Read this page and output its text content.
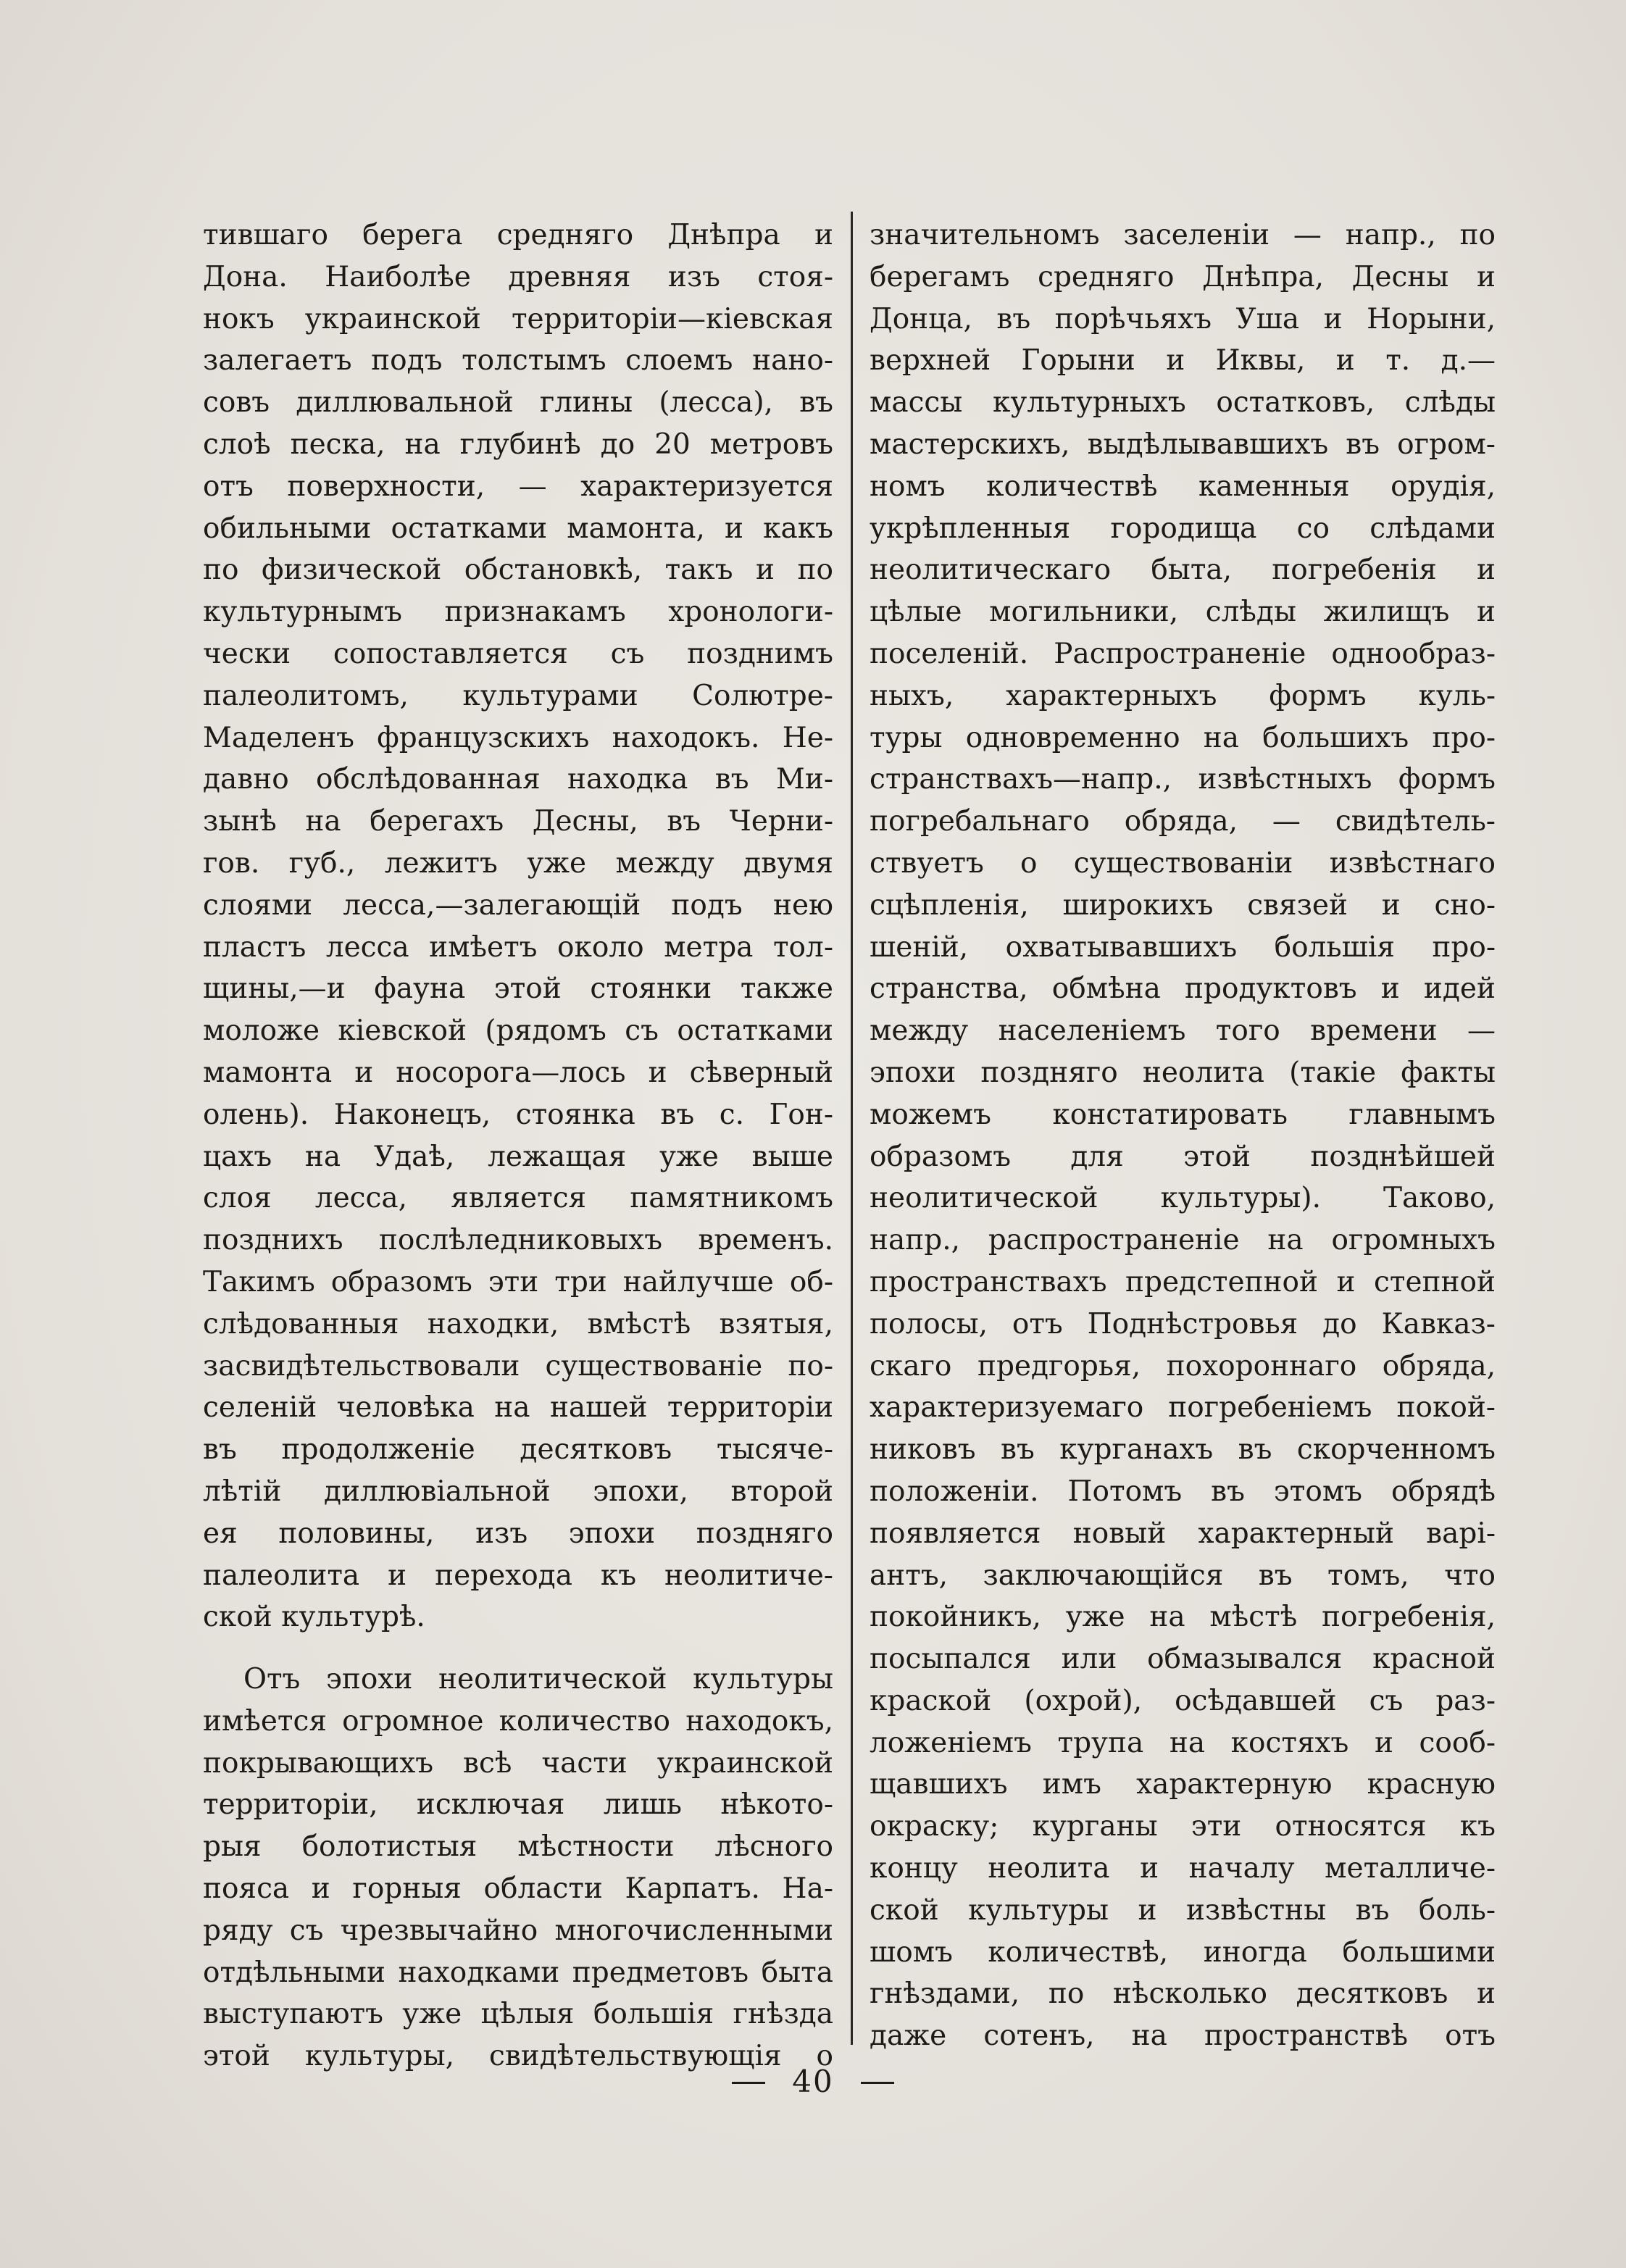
тившаго берега средняго Днѣпра и

Дона. Наиболѣе древняя изъ стоя-

нокъ украинской территорiи—кiевская

залегаетъ подъ толстымъ слоемъ нано-

совъ диллювальной глины (лесса), въ

слоѣ песка, на глубинѣ до 20 метровъ

отъ поверхности, — характеризуется

обильными остатками мамонта, и какъ

по физической обстановкѣ, такъ и по

культурнымъ признакамъ хронологи-

чески сопоставляется съ позднимъ

палеолитомъ, культурами Солютре-

Маделенъ французскихъ находокъ. Не-

давно обслѣдованная находка въ Ми-

зынѣ на берегахъ Десны, въ Черни-

гов. губ., лежитъ уже между двумя

слоями лесса,—залегающiй подъ нею

пластъ лесса имѣетъ около метра тол-

щины,—и фауна этой стоянки также

моложе кiевской (рядомъ съ остатками

мамонта и носорога—лось и сѣверный

олень). Наконецъ, стоянка въ с. Гон-

цахъ на Удаѣ, лежащая уже выше

слоя лесса, является памятникомъ

позднихъ послѣледниковыхъ временъ.

Такимъ образомъ эти три найлучше об-

слѣдованныя находки, вмѣстѣ взятыя,

засвидѣтельствовали существованiе по-

селенiй человѣка на нашей территорiи

въ продолженiе десятковъ тысяче-

лѣтiй диллювiальной эпохи, второй

ея половины, изъ эпохи поздняго

палеолита и перехода къ неолитиче-

ской культурѣ.

Отъ эпохи неолитической культуры

имѣется огромное количество находокъ,

покрывающихъ всѣ части украинской

территорiи, исключая лишь нѣкото-

рыя болотистыя мѣстности лѣсного

пояса и горныя области Карпатъ. На-

ряду съ чрезвычайно многочисленными

отдѣльными находками предметовъ быта

выступаютъ уже цѣлыя большiя гнѣзда

этой культуры, свидѣтельствующiя о

значительномъ заселенiи — напр., по

берегамъ средняго Днѣпра, Десны и

Донца, въ порѣчьяхъ Уша и Норыни,

верхней Горыни и Иквы, и т. д.—

массы культурныхъ остатковъ, слѣды

мастерскихъ, выдѣлывавшихъ въ огром-

номъ количествѣ каменныя орудiя,

укрѣпленныя городища со слѣдами

неолитическаго быта, погребенiя и

цѣлые могильники, слѣды жилищъ и

поселенiй. Распространенiе однообраз-

ныхъ, характерныхъ формъ куль-

туры одновременно на большихъ про-

странствахъ—напр., извѣстныхъ формъ

погребальнаго обряда, — свидѣтель-

ствуетъ о существованiи извѣстнаго

сцѣпленiя, широкихъ связей и сно-

шенiй, охватывавшихъ большiя про-

странства, обмѣна продуктовъ и идей

между населенiемъ того времени —

эпохи поздняго неолита (такiе факты

можемъ констатировать главнымъ

образомъ для этой позднѣйшей

неолитической культуры). Таково,

напр., распространенiе на огромныхъ

пространствахъ предстепной и степной

полосы, отъ Поднѣстровья до Кавказ-

скаго предгорья, похороннаго обряда,

характеризуемаго погребенiемъ покой-

никовъ въ курганахъ въ скорченномъ

положенiи. Потомъ въ этомъ обрядѣ

появляется новый характерный варi-

антъ, заключающiйся въ томъ, что

покойникъ, уже на мѣстѣ погребенiя,

посыпался или обмазывался красной

краской (охрой), осѣдавшей съ раз-

ложенiемъ трупа на костяхъ и сооб-

щавшихъ имъ характерную красную

окраску; курганы эти относятся къ

концу неолита и началу металличе-

ской культуры и извѣстны въ боль-

шомъ количествѣ, иногда большими

гнѣздами, по нѣсколько десятковъ и

даже сотенъ, на пространствѣ отъ

40
